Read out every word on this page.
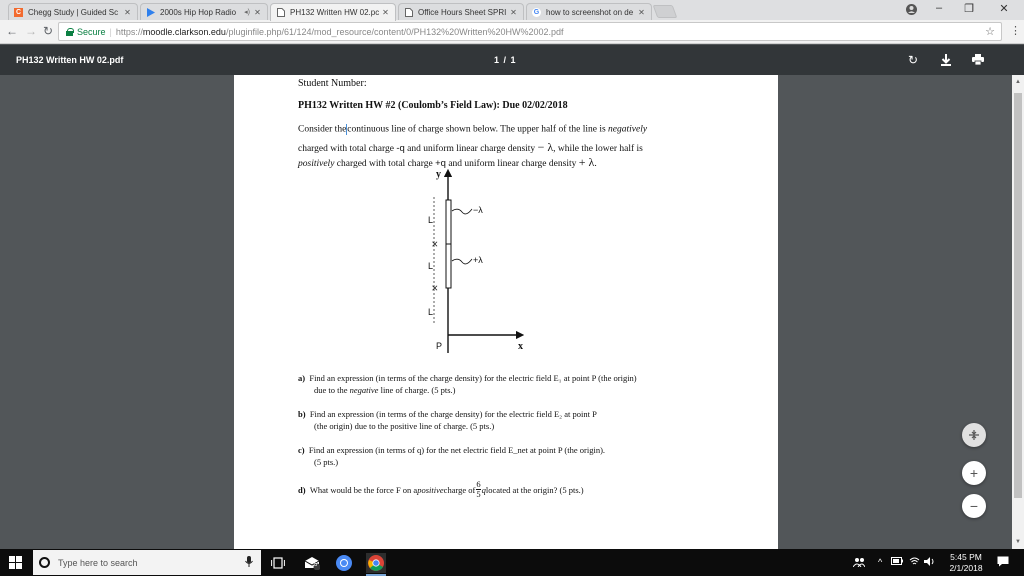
C Chegg Study | Guided Sc ✕	2000s Hip Hop Radio	◂) ✕	PH132 Written HW 02.pc ✕	Office Hours Sheet SPRI ✕ G how to screenshot on de ✕	–	❐	✕
← → ↻	Secure | https:// moodle.clarkson.edu /pluginfile.php/61/124/mod_resource/content/0/PH132%20Written%20HW%2002.pdf	☆ ⋮
PH132 Written HW 02.pdf	1 / 1	↻
Student Number:
PH132 Written HW #2 (Coulomb’s Field Law): Due 02/02/2018
Consider thecontinuous line of charge shown below. The upper half of the line is negatively
charged with total charge -q and uniform linear charge density − λ, while the lower half is
positively charged with total charge +q and uniform linear charge density + λ.
y
x
L
⨯
L
⨯
L
−λ
+λ
P
a) Find an expression (in terms of the charge density) for the electric field E₁ at point P (the origin)
due to the negative line of charge. (5 pts.)
b) Find an expression (in terms of the charge density) for the electric field E₂ at point P
(the origin) due to the positive line of charge. (5 pts.)
c) Find an expression (in terms of q) for the net electric field E_net at point P (the origin).
(5 pts.)
d)
What would be the force F on a positive charge of $\frac{6}{5}$ q located at the origin? (5 pts.)
+
−
▲
▼
Type here to search	5	^	5:45 PM
2/1/2018
